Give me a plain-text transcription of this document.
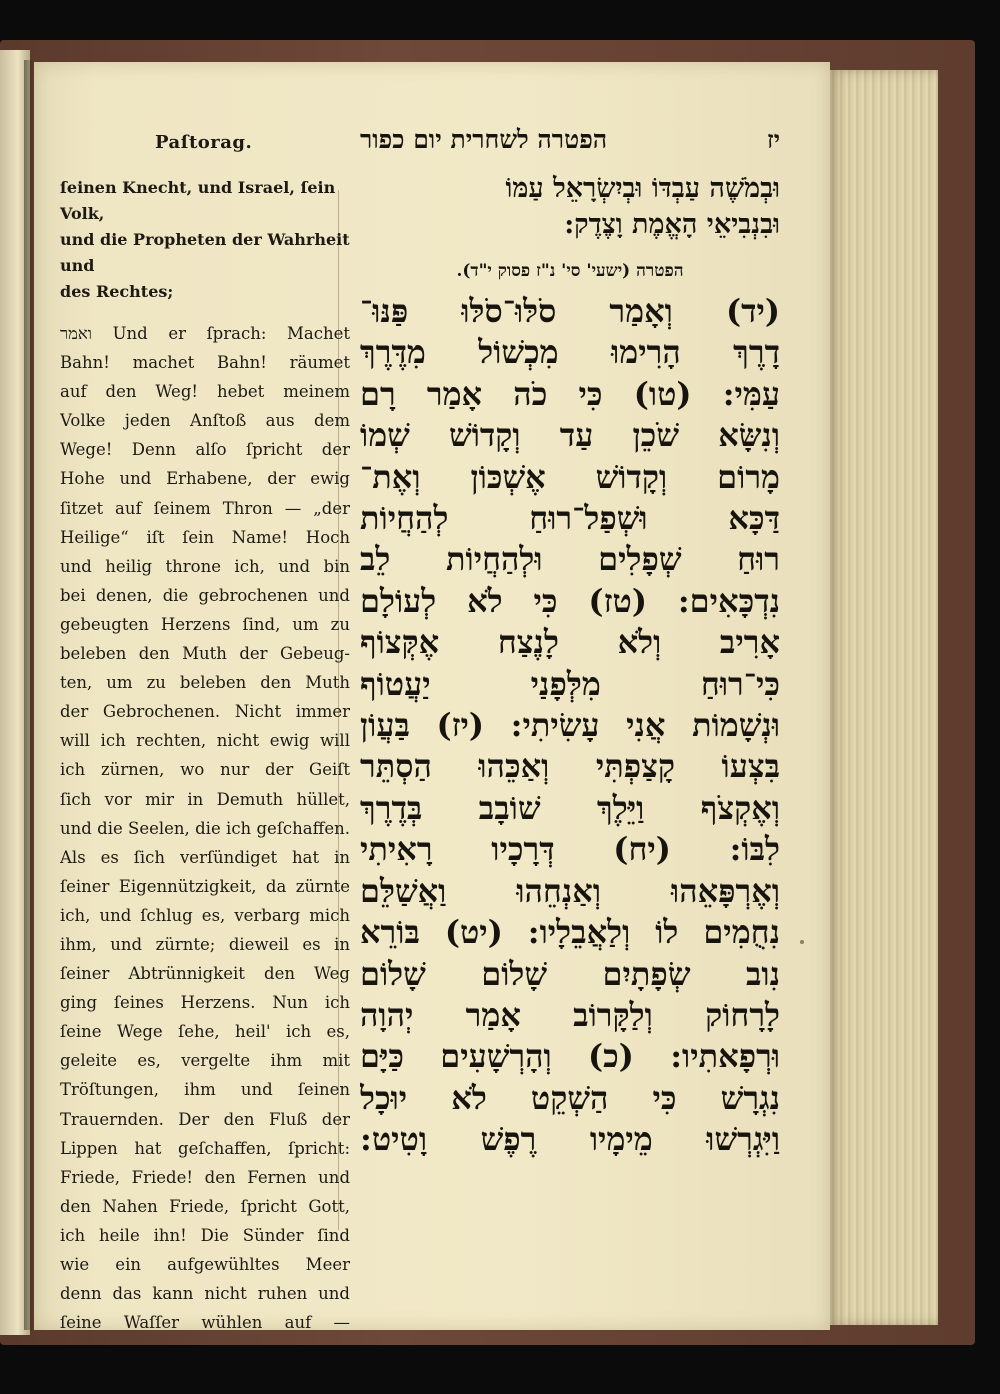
Paſtorag.
ſeinen Knecht, und Israel, ſein Volk,
und die Propheten der Wahrheit und
des Rechtes;
ואמר Und er ſprach: Machet
Bahn! machet Bahn! räumet
auf den Weg! hebet meinem
Volke jeden Anſtoß aus dem
Wege! Denn alſo ſpricht der
Hohe und Erhabene, der ewig
ſitzet auf ſeinem Thron — „der
Heilige“ iſt ſein Name! Hoch
und heilig throne ich, und bin
bei denen, die gebrochenen und
gebeugten Herzens ſind, um zu
beleben den Muth der Gebeug-
ten, um zu beleben den Muth
der Gebrochenen. Nicht immer
will ich rechten, nicht ewig will
ich zürnen, wo nur der Geiſt
ſich vor mir in Demuth hüllet,
und die Seelen, die ich geſchaffen.
Als es ſich verſündiget hat in
ſeiner Eigennützigkeit, da zürnte
ich, und ſchlug es, verbarg mich
ihm, und zürnte; dieweil es in
ſeiner Abtrünnigkeit den Weg
ging ſeines Herzens. Nun ich
ſeine Wege ſehe, heil' ich es,
geleite es, vergelte ihm mit
Tröſtungen, ihm und ſeinen
Trauernden. Der den Fluß der
Lippen hat geſchaffen, ſpricht:
Friede, Friede! den Fernen und
den Nahen Friede, ſpricht Gott,
ich heile ihn! Die Sünder ſind
wie ein aufgewühltes Meer
denn das kann nicht ruhen und
ſeine Waſſer wühlen auf —
הפטרה לשחרית יום כפור	יז
וּבְמֹשֶׁה עַבְדּוֹ וּבְיִשְׂרָאֵל עַמּוֹ
וּבִנְבִיאֵי הָאֱמֶת וָצֶדֶק:
הפטרה (ישעי' סי' נ"ז פסוק י"ד).
(יד) וְאָמַר סֹלּוּ־סֹלּוּ פַּנּוּ־
דָרֶךְ הָרִימוּ מִכְשׁוֹל מִדֶּרֶךְ
עַמִּי: (טו) כִּי כֹה אָמַר רָם
וְנִשָּׂא שֹׁכֵן עַד וְקָדוֹשׁ שְׁמוֹ
מָרוֹם וְקָדוֹשׁ אֶשְׁכּוֹן וְאֶת־
דַּכָּא וּשְׁפַל־רוּחַ לְהַחֲיוֹת
רוּחַ שְׁפָלִים וּלְהַחֲיוֹת לֵב
נִדְכָּאִים: (טז) כִּי לֹא לְעוֹלָם
אָרִיב וְלֹא לָנֶצַח אֶקְּצוֹף
כִּי־רוּחַ מִלְּפָנַי יַעֲטוֹף
וּנְשָׁמוֹת אֲנִי עָשִׂיתִי: (יז) בַּעֲוֹן
בִּצְעוֹ קָצַפְתִּי וְאַכֵּהוּ הַסְתֵּר
וְאֶקְצֹף וַיֵּלֶךְ שׁוֹבָב בְּדֶרֶךְ
לִבּוֹ: (יח) דְּרָכָיו רָאִיתִי
וְאֶרְפָּאֵהוּ וְאַנְחֵהוּ וַאֲשַׁלֵּם
נִחֻמִים לוֹ וְלַאֲבֵלָיו: (יט) בּוֹרֵא
נִוב שְׂפָתָיִם שָׁלוֹם שָׁלוֹם
לָרָחוֹק וְלַקָּרוֹב אָמַר יְהוָה
וּרְפָאתִיו: (כ) וְהָרְשָׁעִים כַּיָּם
נִגְרָשׁ כִּי הַשְׁקֵט לֹא יוּכָל
וַיִּגְרְשׁוּ מֵימָיו רֶפֶשׁ וָטִיט:
